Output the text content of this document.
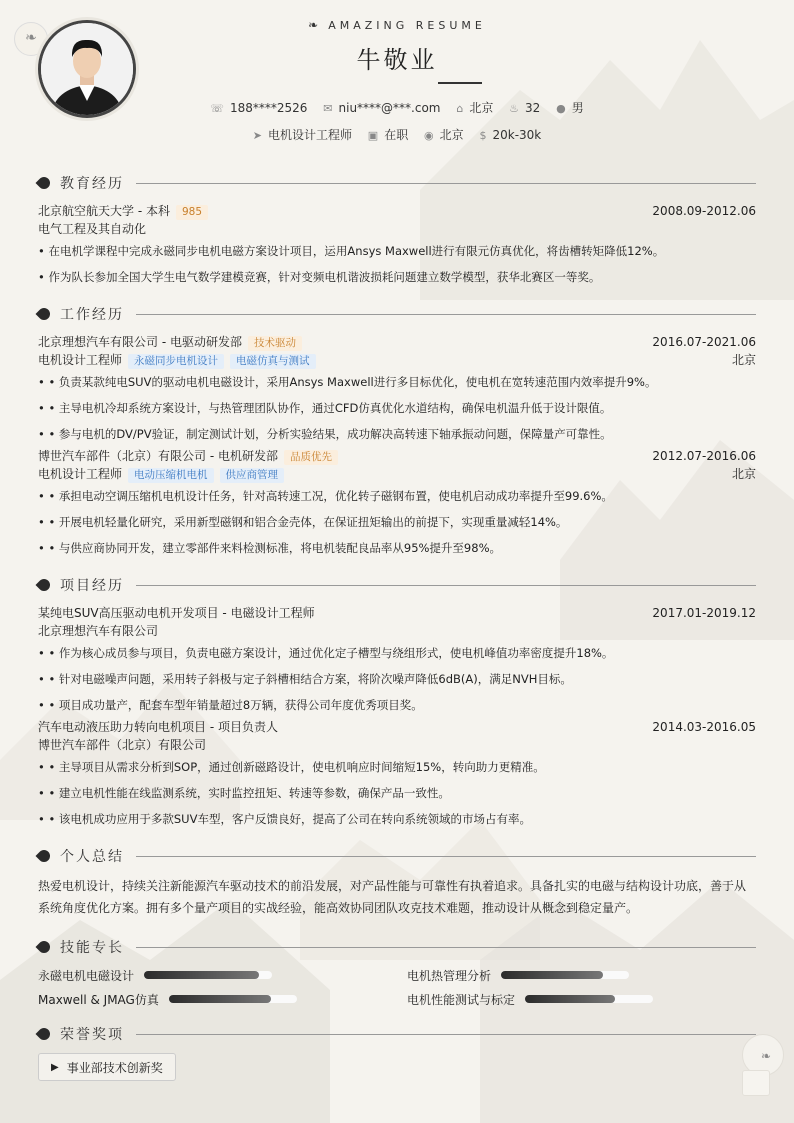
❧
❧ AMAZING RESUME
牛敬业
☏ 188****2526 ✉ niu****@***.com ⌂ 北京 ♨ 32 ● 男
➤ 电机设计工程师 ▣ 在职 ◉ 北京 $ 20k-30k
教育经历
北京航空航天大学 - 本科 985	2008.09-2012.06
电气工程及其自动化
• 在电机学课程中完成永磁同步电机电磁方案设计项目，运用Ansys Maxwell进行有限元仿真优化，将齿槽转矩降低12%。
• 作为队长参加全国大学生电气数学建模竞赛，针对变频电机谐波损耗问题建立数学模型，获华北赛区一等奖。
工作经历
北京理想汽车有限公司 - 电驱动研发部 技术驱动	2016.07-2021.06
电机设计工程师 永磁同步电机设计 电磁仿真与测试	北京
• • 负责某款纯电SUV的驱动电机电磁设计，采用Ansys Maxwell进行多目标优化，使电机在宽转速范围内效率提升9%。
• • 主导电机冷却系统方案设计，与热管理团队协作，通过CFD仿真优化水道结构，确保电机温升低于设计限值。
• • 参与电机的DV/PV验证，制定测试计划，分析实验结果，成功解决高转速下轴承振动问题，保障量产可靠性。
博世汽车部件（北京）有限公司 - 电机研发部 品质优先	2012.07-2016.06
电机设计工程师 电动压缩机电机 供应商管理	北京
• • 承担电动空调压缩机电机设计任务，针对高转速工况，优化转子磁钢布置，使电机启动成功率提升至99.6%。
• • 开展电机轻量化研究，采用新型磁钢和铝合金壳体，在保证扭矩输出的前提下，实现重量减轻14%。
• • 与供应商协同开发，建立零部件来料检测标准，将电机装配良品率从95%提升至98%。
项目经历
某纯电SUV高压驱动电机开发项目 - 电磁设计工程师	2017.01-2019.12
北京理想汽车有限公司
• • 作为核心成员参与项目，负责电磁方案设计，通过优化定子槽型与绕组形式，使电机峰值功率密度提升18%。
• • 针对电磁噪声问题，采用转子斜极与定子斜槽相结合方案，将阶次噪声降低6dB(A)，满足NVH目标。
• • 项目成功量产，配套车型年销量超过8万辆，获得公司年度优秀项目奖。
汽车电动液压助力转向电机项目 - 项目负责人	2014.03-2016.05
博世汽车部件（北京）有限公司
• • 主导项目从需求分析到SOP，通过创新磁路设计，使电机响应时间缩短15%，转向助力更精准。
• • 建立电机性能在线监测系统，实时监控扭矩、转速等参数，确保产品一致性。
• • 该电机成功应用于多款SUV车型，客户反馈良好，提高了公司在转向系统领域的市场占有率。
个人总结

热爱电机设计，持续关注新能源汽车驱动技术的前沿发展，对产品性能与可靠性有执着追求。具备扎实的电磁与结构设计功底，善于从系统角度优化方案。拥有多个量产项目的实战经验，能高效协同团队攻克技术难题，推动设计从概念到稳定量产。

技能专长
永磁电机电磁设计	电机热管理分析
Maxwell & JMAG仿真	电机性能测试与标定
荣誉奖项
▶ 事业部技术创新奖
❧
